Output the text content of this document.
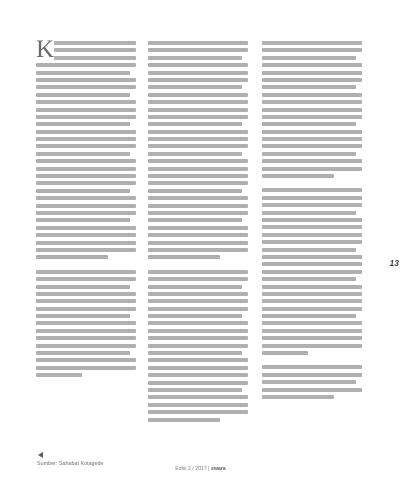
K
Sumber: Sahabat Kotagede
13
Edisi 2 / 2017 | swara
